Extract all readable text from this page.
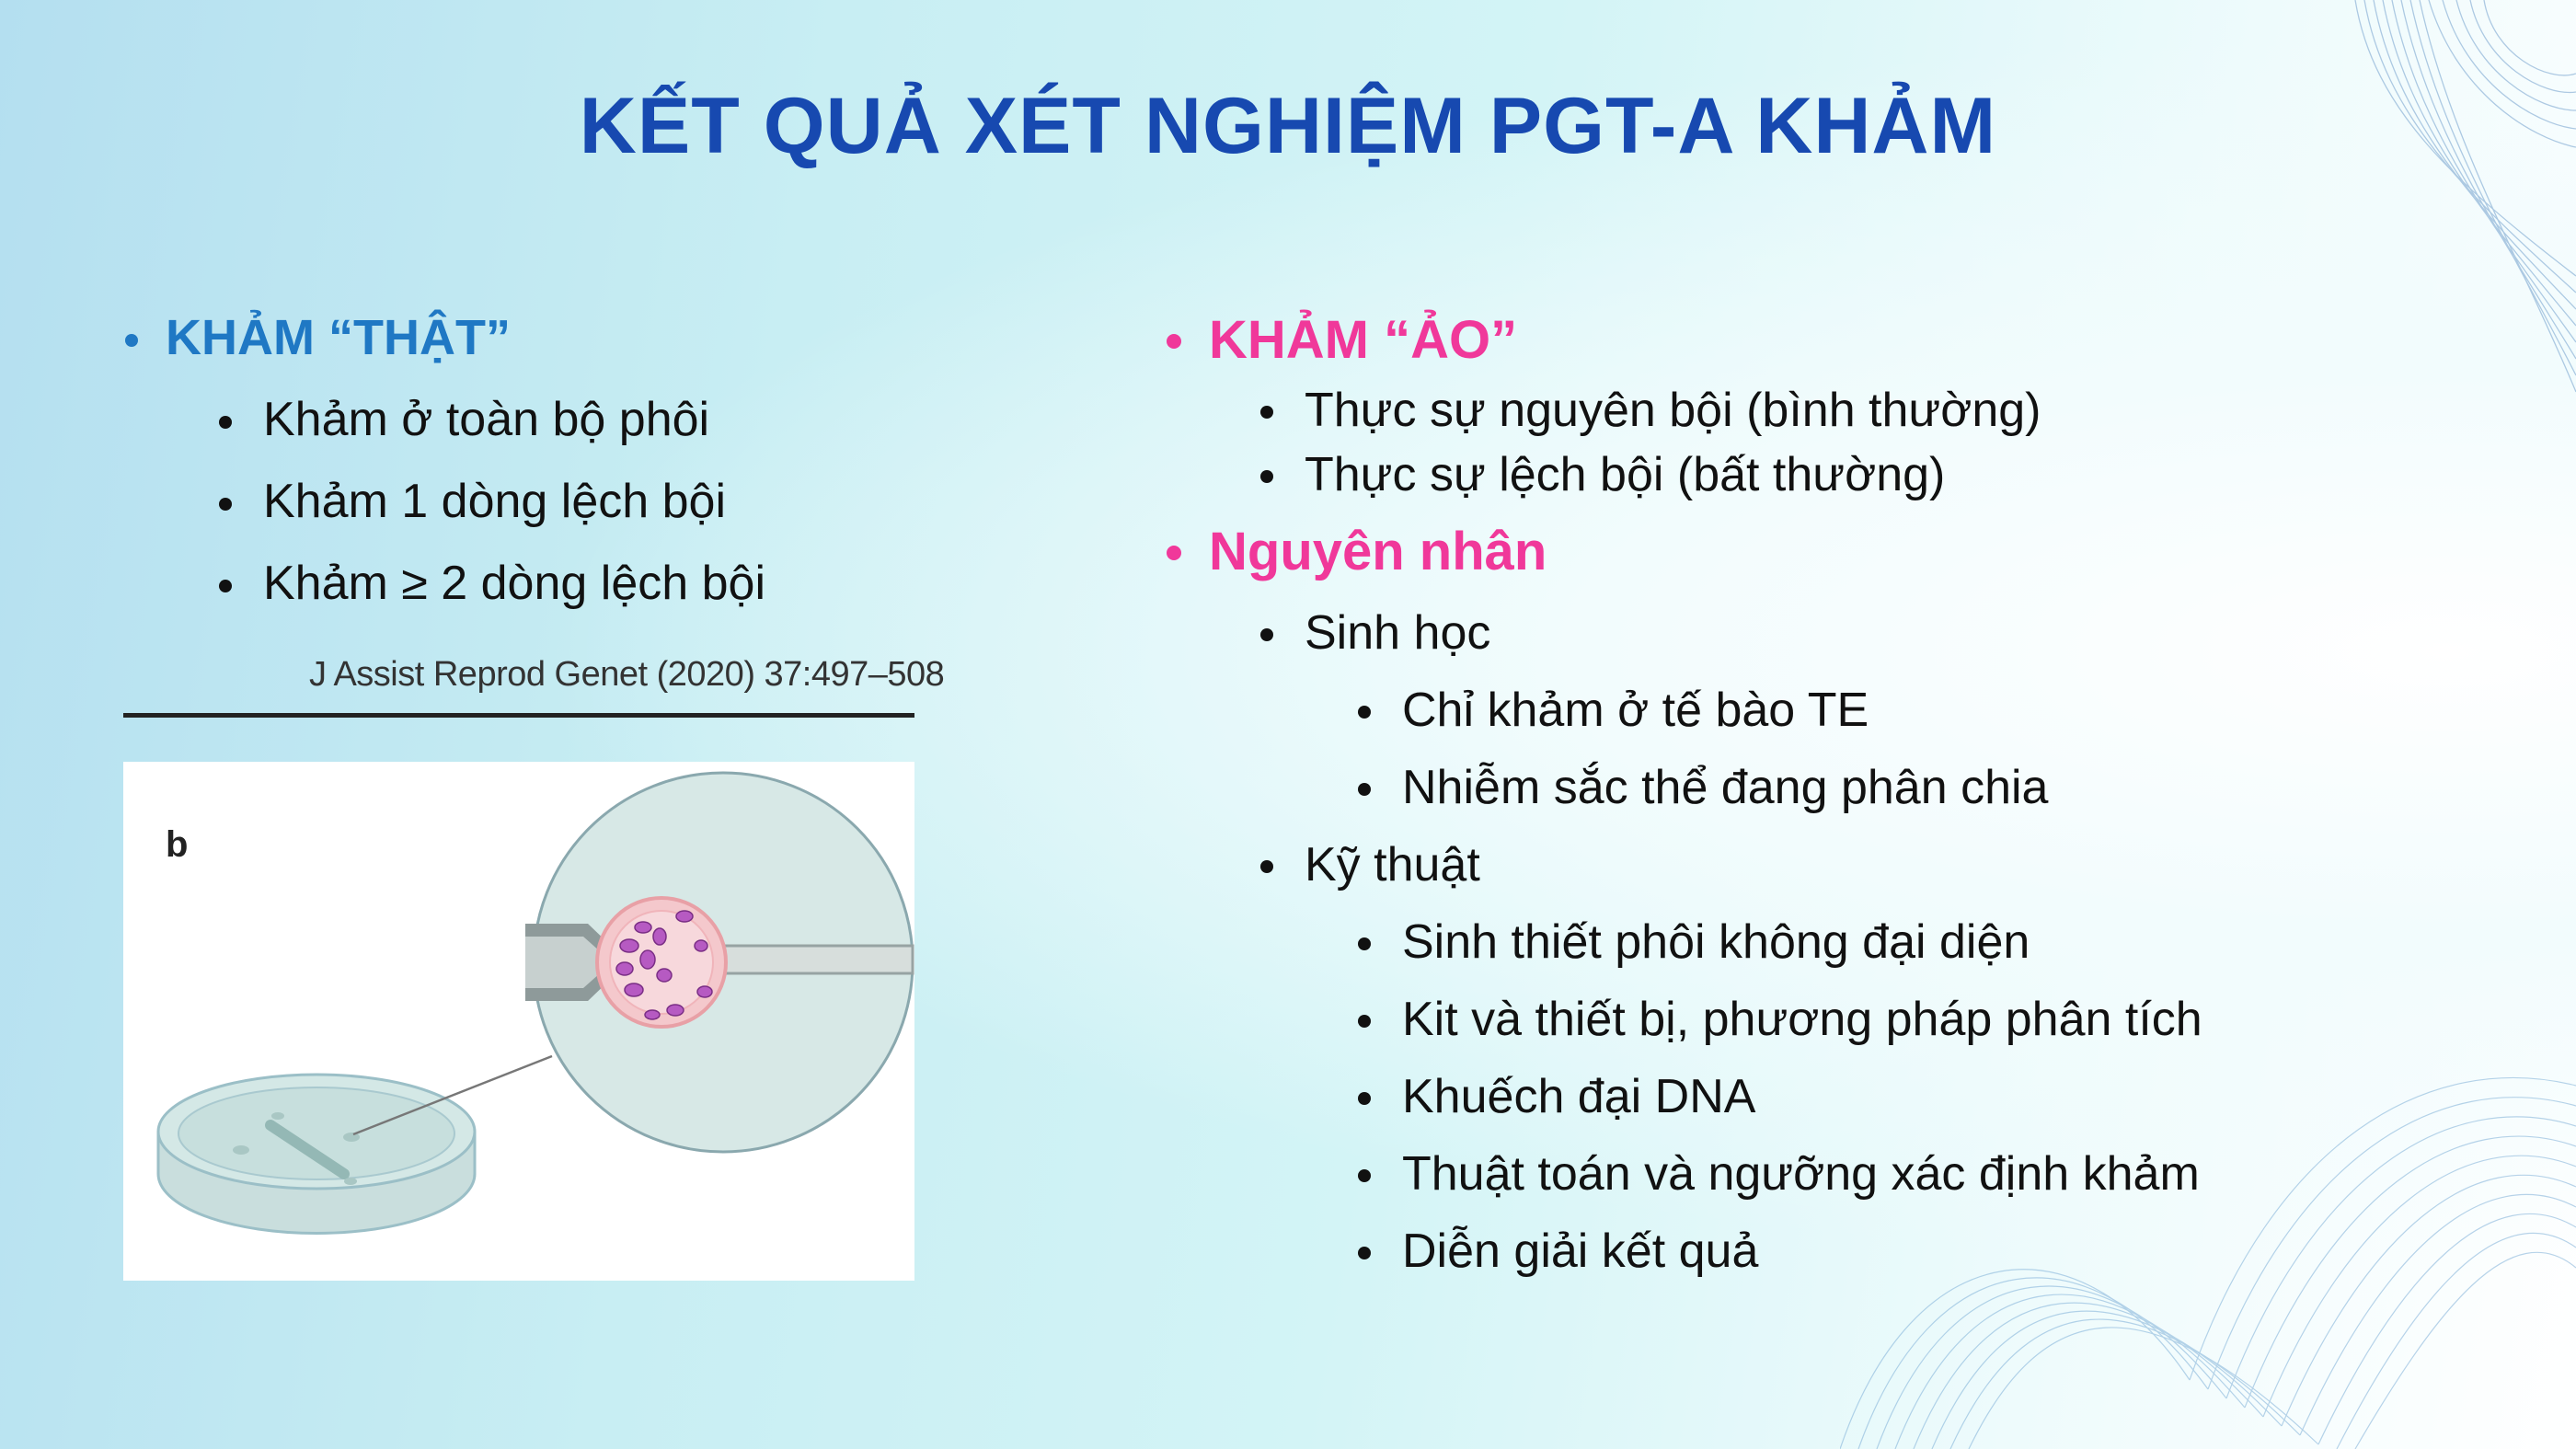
KẾT QUẢ XÉT NGHIỆM PGT-A KHẢM
KHẢM “THẬT”
Khảm ở toàn bộ phôi
Khảm 1 dòng lệch bội
Khảm ≥ 2 dòng lệch bội
J Assist Reprod Genet (2020) 37:497–508
b
KHẢM “ẢO”
Thực sự nguyên bội (bình thường)
Thực sự lệch bội (bất thường)
Nguyên nhân
Sinh học
Chỉ khảm ở tế bào TE
Nhiễm sắc thể đang phân chia
Kỹ thuật
Sinh thiết phôi không đại diện
Kit và thiết bị, phương pháp phân tích
Khuếch đại DNA
Thuật toán và ngưỡng xác định khảm
Diễn giải kết quả
